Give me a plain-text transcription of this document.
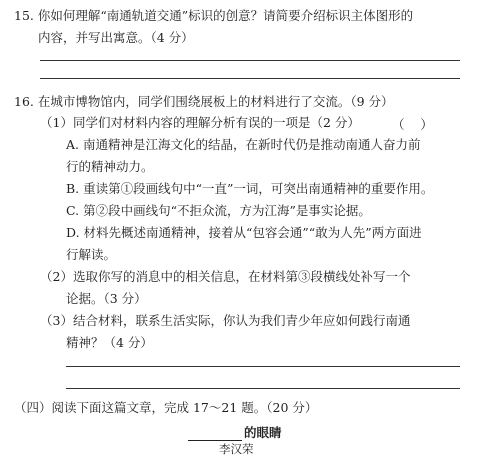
15. 你如何理解“南通轨道交通”标识的创意？请简要介绍标识主体图形的
内容，并写出寓意。（4 分）
16. 在城市博物馆内，同学们围绕展板上的材料进行了交流。（9 分）
（1）同学们对材料内容的理解分析有误的一项是（2 分）	（    ）
A. 南通精神是江海文化的结晶，在新时代仍是推动南通人奋力前
行的精神动力。
B. 重读第①段画线句中“一直”一词，可突出南通精神的重要作用。
C. 第②段中画线句“不拒众流，方为江海”是事实论据。
D. 材料先概述南通精神，接着从“包容会通”“敢为人先”两方面进
行解读。
（2）选取你写的消息中的相关信息，在材料第③段横线处补写一个
论据。（3 分）
（3）结合材料，联系生活实际，你认为我们青少年应如何践行南通
精神？（4 分）
（四）阅读下面这篇文章，完成 17～21 题。（20 分）
的眼睛
李汉荣
